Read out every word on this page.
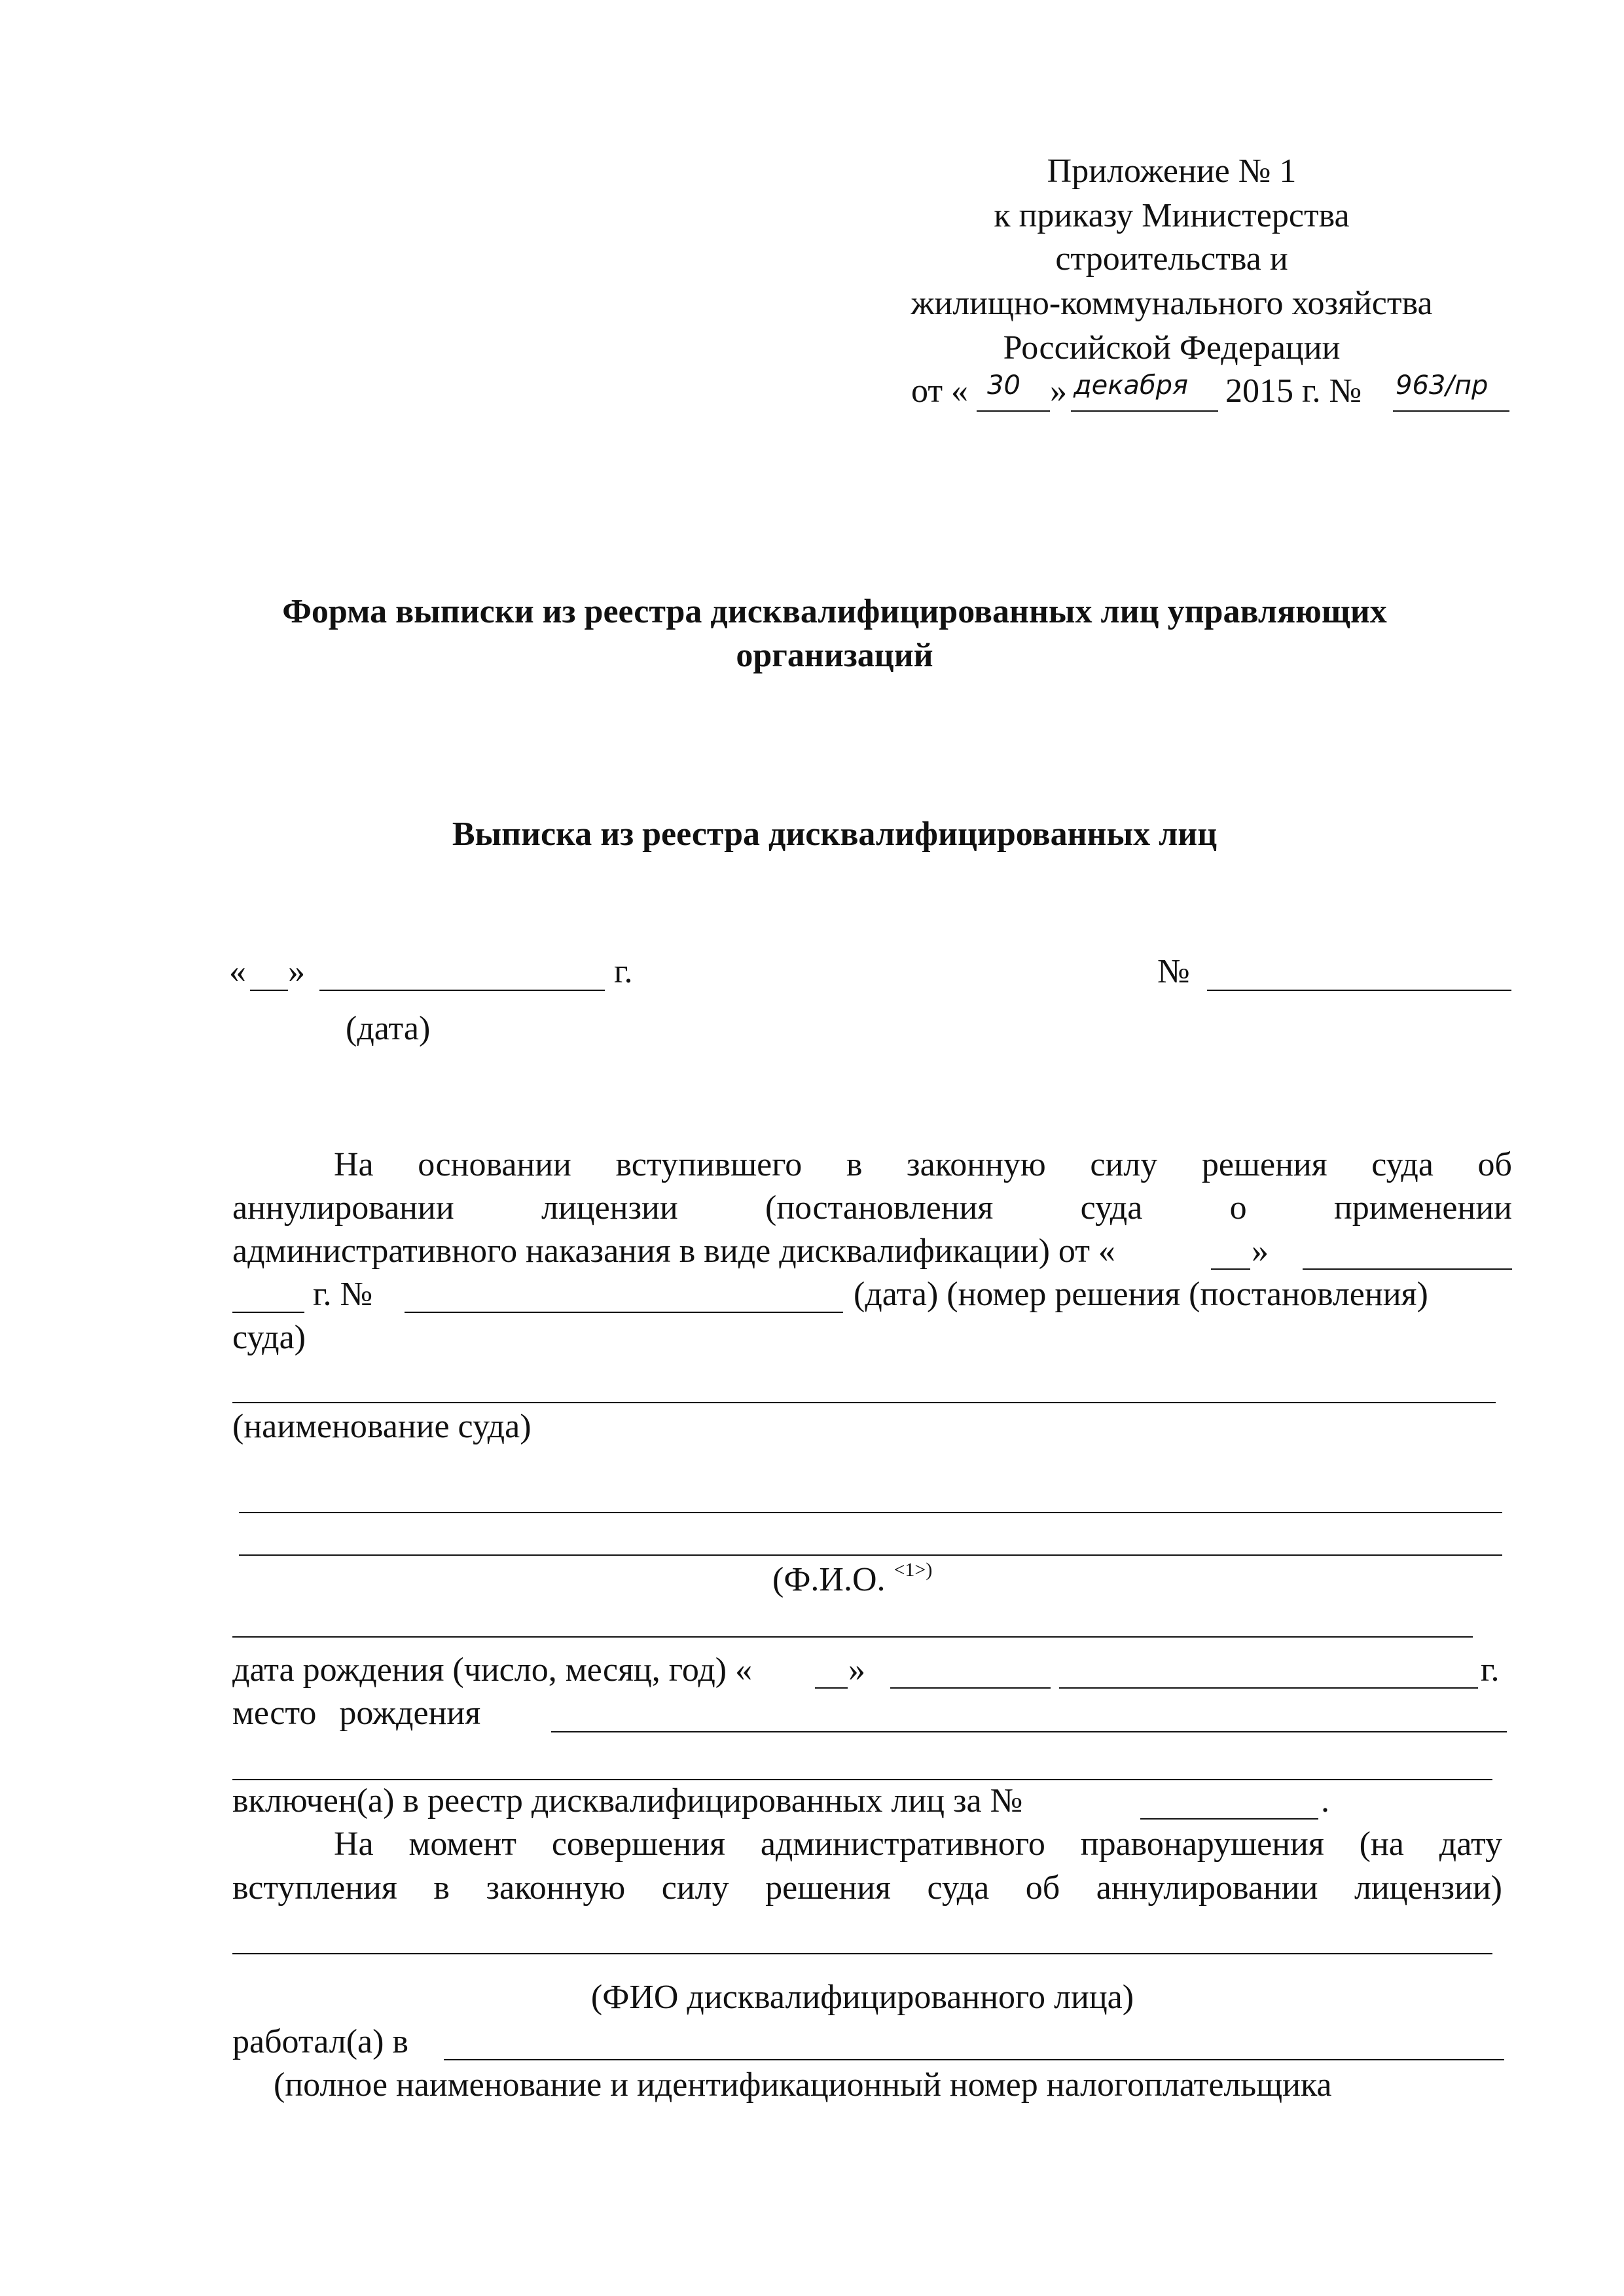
Приложение № 1
к приказу Министерства
строительства и
жилищно-коммунального хозяйства
Российской Федерации
от « 30 » декабря 2015 г. № 963/пр
Форма выписки из реестра дисквалифицированных лиц управляющих
организаций
Выписка из реестра дисквалифицированных лиц
« »	г.	№
(дата)
На основании вступившего в законную силу решения суда об
аннулировании лицензии (постановления суда о применении
административного наказания в виде дисквалификации) от «	»
г. №	(дата) (номер решения (постановления)
суда)
(наименование суда)
(Ф.И.О. $^{<1>)}$
дата рождения (число, месяц, год) «	»	г.
место рождения
включен(а) в реестр дисквалифицированных лиц за №	.
На момент совершения административного правонарушения (на дату
вступления в законную силу решения суда об аннулировании лицензии)
(ФИО дисквалифицированного лица)
работал(а) в
(полное наименование и идентификационный номер налогоплательщика
